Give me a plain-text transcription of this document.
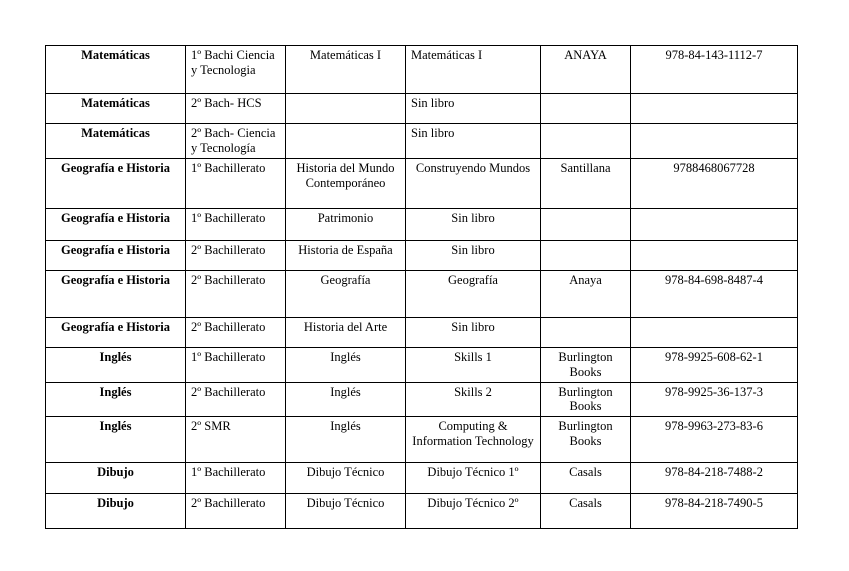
Matemáticas	1º Bachi Ciencia y Tecnologia	Matemáticas I	Matemáticas I	ANAYA	978-84-143-1112-7
Matemáticas	2º Bach- HCS		Sin libro		
Matemáticas	2º Bach- Ciencia y Tecnología		Sin libro		
Geografía e Historia	1º Bachillerato	Historia del Mundo Contemporáneo	Construyendo Mundos	Santillana	9788468067728
Geografía e Historia	1º Bachillerato	Patrimonio	Sin libro		
Geografía e Historia	2º Bachillerato	Historia de España	Sin libro		
Geografía e Historia	2º Bachillerato	Geografía	Geografía	Anaya	978-84-698-8487-4
Geografía e Historia	2º Bachillerato	Historia del Arte	Sin libro		
Inglés	1º Bachillerato	Inglés	Skills 1	Burlington Books	978-9925-608-62-1
Inglés	2º Bachillerato	Inglés	Skills 2	Burlington Books	978-9925-36-137-3
Inglés	2º SMR	Inglés	Computing & Information Technology	Burlington Books	978-9963-273-83-6
Dibujo	1º Bachillerato	Dibujo Técnico	Dibujo Técnico 1º	Casals	978-84-218-7488-2
Dibujo	2º Bachillerato	Dibujo Técnico	Dibujo Técnico 2º	Casals	978-84-218-7490-5
